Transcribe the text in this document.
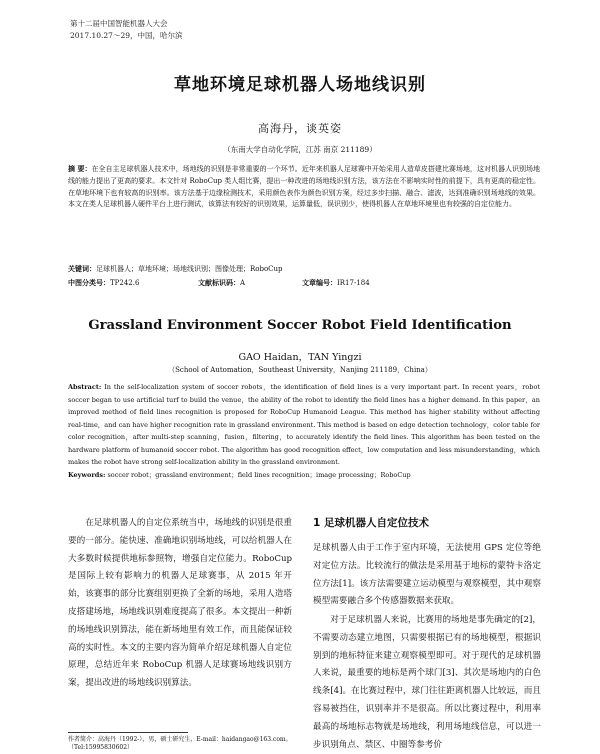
第十二届中国智能机器人大会
2017.10.27～29，中国，哈尔滨
草地环境足球机器人场地线识别
高海丹，谈英姿
（东南大学自动化学院，江苏 南京 211189）
摘 要：在全自主足球机器人技术中，场地线的识别是非常重要的一个环节。近年来机器人足球赛中开始采用人造草皮搭建比赛场地，这对机器人识别场地线的能力提出了更高的要求。本文针对 RoboCup 类人组比赛，提出一种改进的场地线识别方法，该方法在不影响实时性的前提下，具有更高的稳定性。在草地环境下也有较高的识别率。该方法基于边缘检测技术，采用颜色表作为颜色识别方案，经过多步扫描、融合、滤波，达到准确识别场地线的效果。本文在类人足球机器人硬件平台上进行测试，该算法有较好的识别效果，运算量低，误识别少，使得机器人在草地环境里也有较强的自定位能力。
关键词：足球机器人；草地环境；场地线识别；图像处理；RoboCup
中图分类号：TP242.6	文献标识码：A	文章编号：IR17-184
Grassland Environment Soccer Robot Field Identification
GAO Haidan，TAN Yingzi
（School of Automation，Southeast University，Nanjing 211189，China）
Abstract: In the self-localization system of soccer robots，the identification of field lines is a very important part. In recent years，robot soccer began to use artificial turf to build the venue，the ability of the robot to identify the field lines has a higher demand. In this paper，an improved method of field lines recognition is proposed for RoboCup Humanoid League. This method has higher stability without affecting real-time，and can have higher recognition rate in grassland environment. This method is based on edge detection technology，color table for color recognition，after multi-step scanning，fusion，filtering，to accurately identify the field lines. This algorithm has been tested on the hardware platform of humanoid soccer robot. The algorithm has good recognition effect，low computation and less misunderstanding，which makes the robot have strong self-localization ability in the grassland environment.
Keywords: soccer robot；grassland environment；field lines recognition；image processing；RoboCup
在足球机器人的自定位系统当中，场地线的识别是很重要的一部分。能快速、准确地识别场地线，可以给机器人在大多数时候提供地标参照物，增强自定位能力。RoboCup 是国际上较有影响力的机器人足球赛事，从 2015 年开始，该赛事的部分比赛组别更换了全新的场地，采用人造塔皮搭建场地，场地线识别难度提高了很多。本文提出一种新的场地线识别算法，能在新场地里有效工作，而且能保证较高的实时性。本文的主要内容为简单介绍足球机器人自定位原理，总结近年来 RoboCup 机器人足球赛场地线识别方案，提出改进的场地线识别算法。
作者简介：高海丹（1992-），男，硕士研究生，E-mail：haidangao@163.com。
（Tel:15995830602）
1 足球机器人自定位技术
足球机器人由于工作于室内环境，无法使用 GPS 定位等绝对定位方法。比较流行的做法是采用基于地标的蒙特卡洛定位方法[1]。该方法需要建立运动模型与观察模型，其中观察模型需要融合多个传感器数据来获取。
对于足球机器人来说，比赛用的场地是事先确定的[2]，不需要动态建立地图，只需要根据已有的场地模型，根据识别到的地标特征来建立观察模型即可。对于现代的足球机器人来说，最重要的地标是两个球门[3]、其次是场地内的白色线条[4]。在比赛过程中，球门往往距离机器人比较远，而且容易被挡住，识别率并不是很高。所以比赛过程中，利用率最高的场地标志物就是场地线，利用场地线信息，可以进一步识别角点、禁区、中圈等参考价
